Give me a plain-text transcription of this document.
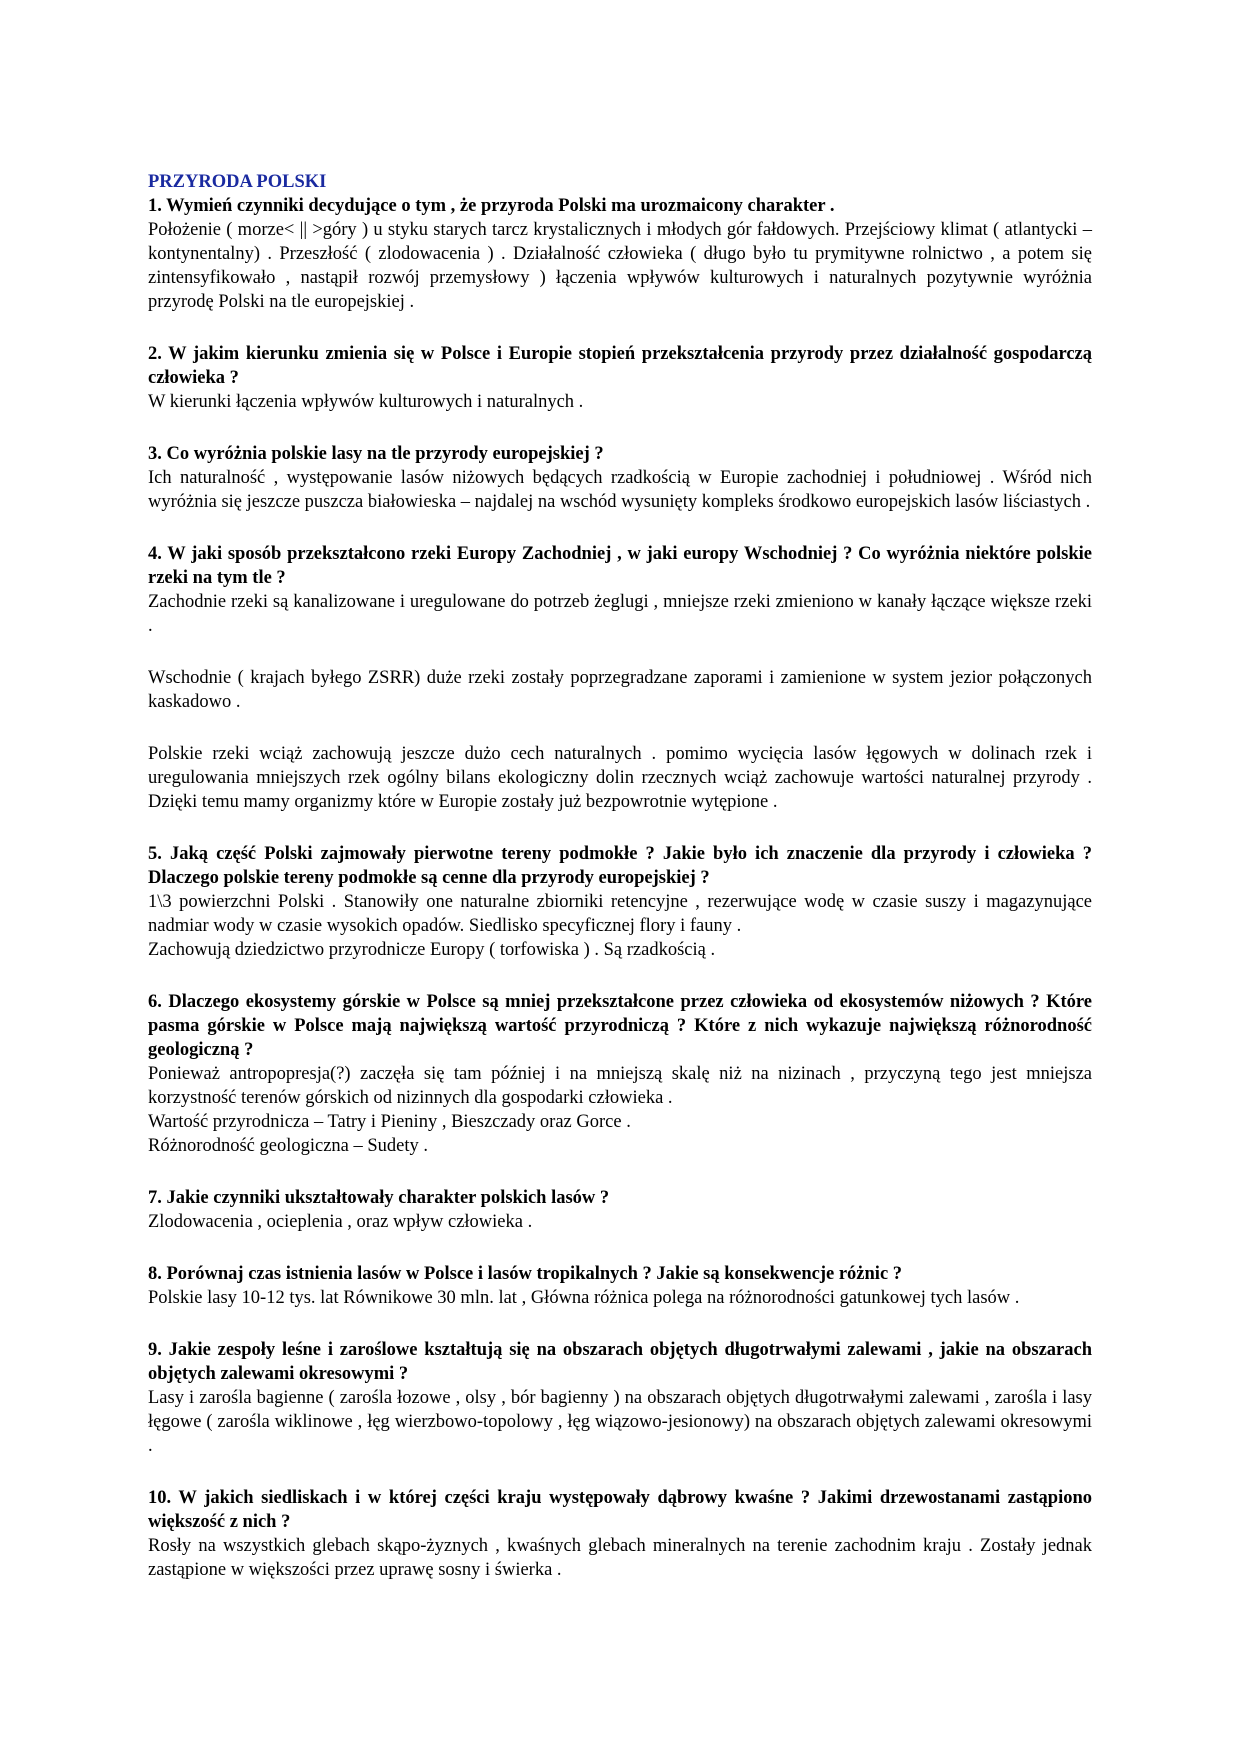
PRZYRODA POLSKI

1. Wymień czynniki decydujące o tym , że przyroda Polski ma urozmaicony charakter .

Położenie ( morze< || >góry ) u styku starych tarcz krystalicznych i młodych gór fałdowych. Przejściowy klimat ( atlantycki – kontynentalny) . Przeszłość ( zlodowacenia ) . Działalność człowieka ( długo było tu prymitywne rolnictwo , a potem się zintensyfikowało , nastąpił rozwój przemysłowy ) łączenia wpływów kulturowych i naturalnych pozytywnie wyróżnia przyrodę Polski na tle europejskiej .

2. W jakim kierunku zmienia się w Polsce i Europie stopień przekształcenia przyrody przez działalność gospodarczą człowieka ?

W kierunki łączenia wpływów kulturowych i naturalnych .

3. Co wyróżnia polskie lasy na tle przyrody europejskiej ?

Ich naturalność , występowanie lasów niżowych będących rzadkością w Europie zachodniej i południowej . Wśród nich wyróżnia się jeszcze puszcza białowieska – najdalej na wschód wysunięty kompleks środkowo europejskich lasów liściastych .

4. W jaki sposób przekształcono rzeki Europy Zachodniej , w jaki europy Wschodniej ? Co wyróżnia niektóre polskie rzeki na tym tle ?

Zachodnie rzeki są kanalizowane i uregulowane do potrzeb żeglugi , mniejsze rzeki zmieniono w kanały łączące większe rzeki .

Wschodnie ( krajach byłego ZSRR) duże rzeki zostały poprzegradzane zaporami i zamienione w system jezior połączonych kaskadowo .

Polskie rzeki wciąż zachowują jeszcze dużo cech naturalnych . pomimo wycięcia lasów łęgowych w dolinach rzek i uregulowania mniejszych rzek ogólny bilans ekologiczny dolin rzecznych wciąż zachowuje wartości naturalnej przyrody . Dzięki temu mamy organizmy które w Europie zostały już bezpowrotnie wytępione .

5. Jaką część Polski zajmowały pierwotne tereny podmokłe ? Jakie było ich znaczenie dla przyrody i człowieka ? Dlaczego polskie tereny podmokłe są cenne dla przyrody europejskiej ?

1\3 powierzchni Polski . Stanowiły one naturalne zbiorniki retencyjne , rezerwujące wodę w czasie suszy i magazynujące nadmiar wody w czasie wysokich opadów. Siedlisko specyficznej flory i fauny .

Zachowują dziedzictwo przyrodnicze Europy ( torfowiska ) . Są rzadkością .

6. Dlaczego ekosystemy górskie w Polsce są mniej przekształcone przez człowieka od ekosystemów niżowych ? Które pasma górskie w Polsce mają największą wartość przyrodniczą ? Które z nich wykazuje największą różnorodność geologiczną ?

Ponieważ antropopresja(?) zaczęła się tam później i na mniejszą skalę niż na nizinach , przyczyną tego jest mniejsza korzystność terenów górskich od nizinnych dla gospodarki człowieka .

Wartość przyrodnicza – Tatry i Pieniny , Bieszczady oraz Gorce .

Różnorodność geologiczna – Sudety .

7. Jakie czynniki ukształtowały charakter polskich lasów ?

Zlodowacenia , ocieplenia , oraz wpływ człowieka .

8. Porównaj czas istnienia lasów w Polsce i lasów tropikalnych ? Jakie są konsekwencje różnic ?

Polskie lasy 10-12 tys. lat Równikowe 30 mln. lat , Główna różnica polega na różnorodności gatunkowej tych lasów .

9. Jakie zespoły leśne i zaroślowe kształtują się na obszarach objętych długotrwałymi zalewami , jakie na obszarach objętych zalewami okresowymi ?

Lasy i zarośla bagienne ( zarośla łozowe , olsy , bór bagienny ) na obszarach objętych długotrwałymi zalewami , zarośla i lasy łęgowe ( zarośla wiklinowe , łęg wierzbowo-topolowy , łęg wiązowo-jesionowy) na obszarach objętych zalewami okresowymi .

10. W jakich siedliskach i w której części kraju występowały dąbrowy kwaśne ? Jakimi drzewostanami zastąpiono większość z nich ?

Rosły na wszystkich glebach skąpo-żyznych , kwaśnych glebach mineralnych na terenie zachodnim kraju . Zostały jednak zastąpione w większości przez uprawę sosny i świerka .
